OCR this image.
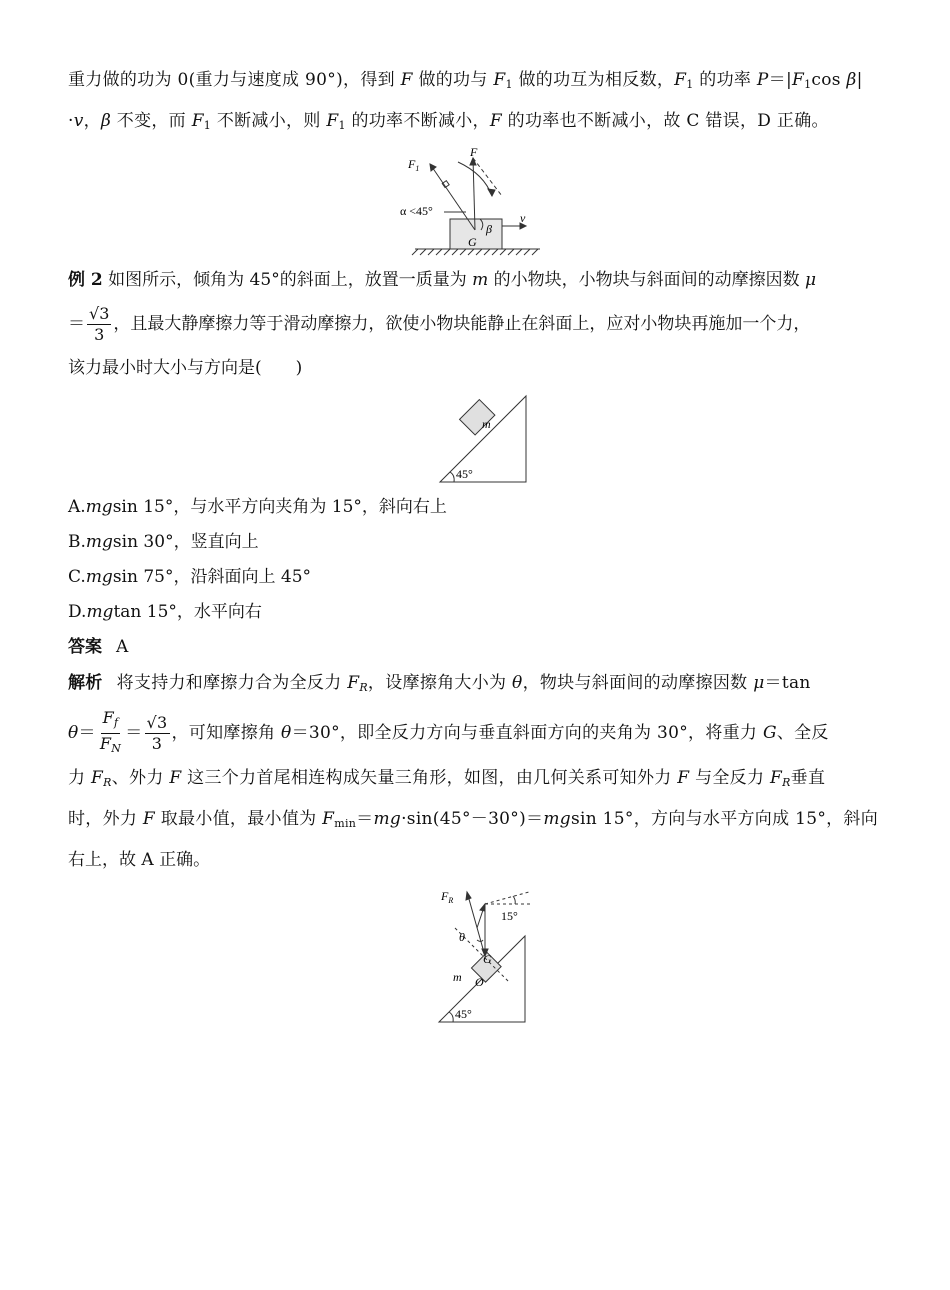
重力做的功为 0(重力与速度成 90°)，得到 F 做的功与 $F_1$ 做的功互为相反数，$F_1$ 的功率 $P=|F_1\cos$ β|
·v，β 不变，而 $F_1$ 不断减小，则 $F_1$ 的功率不断减小，F 的功率也不断减小，故 C 错误，D 正确。

$F_1$
F
α <45°
β
v
G

例 2 如图所示，倾角为 45°的斜面上，放置一质量为 m 的小物块，小物块与斜面间的动摩擦因数 μ

＝ $\frac{√3}{3}$ ，且最大静摩擦力等于滑动摩擦力，欲使小物块能静止在斜面上，应对小物块再施加一个力，

该力最小时大小与方向是(　　)

m
45°

A.mgsin 15°，与水平方向夹角为 15°，斜向右上

B.mgsin 30°，竖直向上

C.mgsin 75°，沿斜面向上 45°

D.mgtan 15°，水平向右

答案 A

解析 将支持力和摩擦力合为全反力 $F_R$，设摩擦角大小为 θ，物块与斜面间的动摩擦因数 μ＝tan

$\theta= \frac{F_f}{F_N} = \frac{√3}{3}$ ，可知摩擦角 θ＝30°，即全反力方向与垂直斜面方向的夹角为 30°，将重力 G、全反

力 $F_R$、外力 F 这三个力首尾相连构成矢量三角形，如图，由几何关系可知外力 F 与全反力 $F_R$垂直

时，外力 F 取最小值，最小值为 $F_{min}=mg\cdot\sin(45^\circ-30^\circ)=mgsin$ 15°，方向与水平方向成 15°，斜向

右上，故 A 正确。

$F_R$
15°
θ
G
m O
45°
